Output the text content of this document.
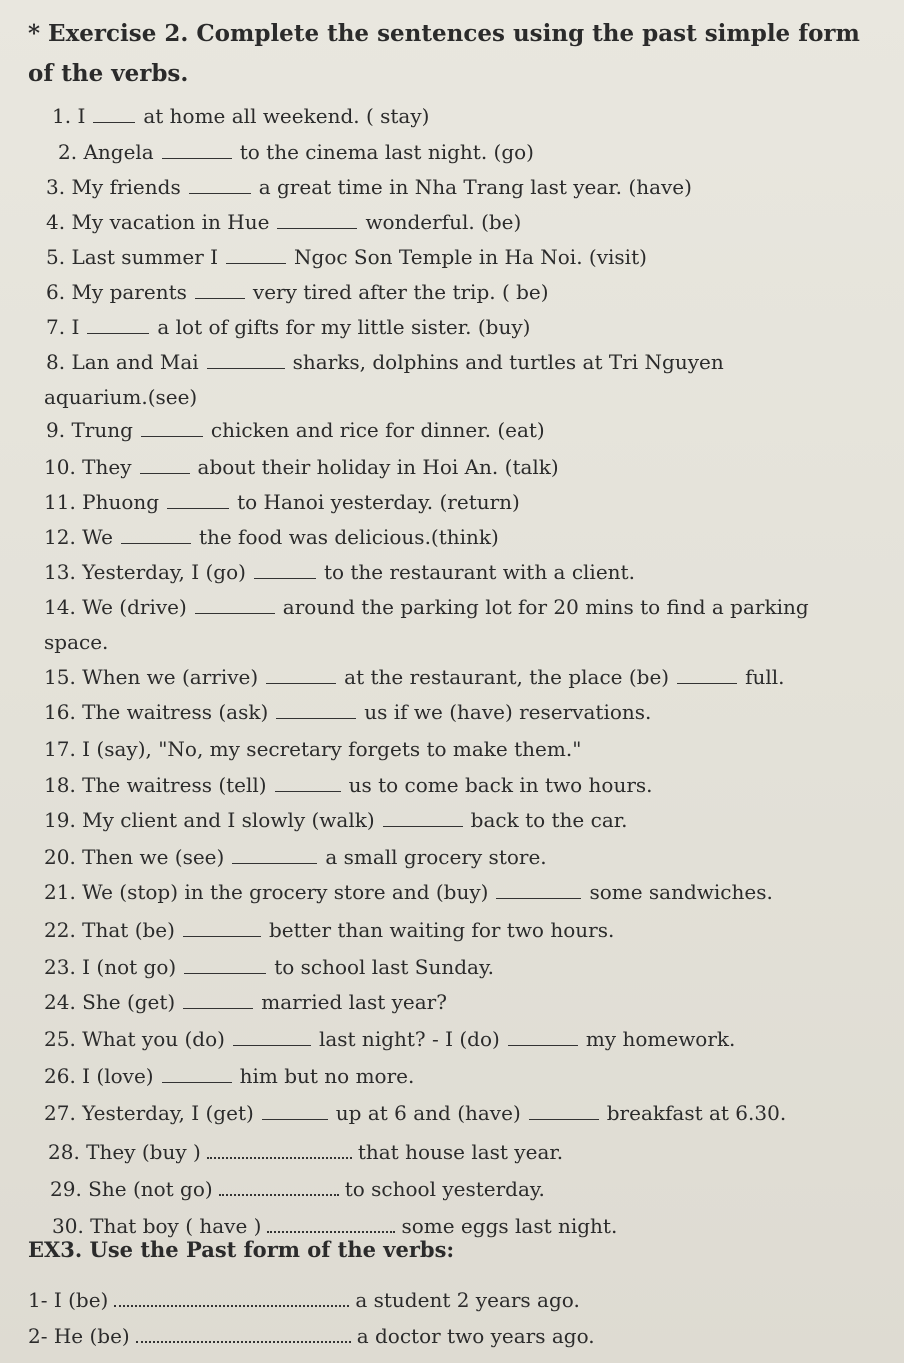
* Exercise 2. Complete the sentences using the past simple form of the verbs.

1. I	at home all weekend. ( stay)
2. Angela	to the cinema last night. (go)
3. My friends	a great time in Nha Trang last year. (have)
4. My vacation in Hue	wonderful. (be)
5. Last summer I	Ngoc Son Temple in Ha Noi. (visit)
6. My parents	very tired after the trip. ( be)
7. I	a lot of gifts for my little sister. (buy)
8. Lan and Mai	sharks, dolphins and turtles at Tri Nguyen
aquarium.(see)
9. Trung	chicken and rice for dinner. (eat)
10. They	about their holiday in Hoi An. (talk)
11. Phuong	to Hanoi yesterday. (return)
12. We	the food was delicious.(think)
13. Yesterday, I (go)	to the restaurant with a client.
14. We (drive)	around the parking lot for 20 mins to find a parking
space.
15. When we (arrive)	at the restaurant, the place (be)	full.
16. The waitress (ask)	us if we (have) reservations.
17. I (say), "No, my secretary forgets to make them."
18. The waitress (tell)	us to come back in two hours.
19. My client and I slowly (walk)	back to the car.
20. Then we (see)	a small grocery store.
21. We (stop) in the grocery store and (buy)	some sandwiches.
22. That (be)	better than waiting for two hours.
23. I (not go)	to school last Sunday.
24. She (get)	married last year?
25. What you (do)	last night? - I (do)	my homework.
26. I (love)	him but no more.
27. Yesterday, I (get)	up at 6 and (have)	breakfast at 6.30.
28. They (buy )	that house last year.
29. She (not go)	to school yesterday.
30. That boy ( have )	some eggs last night.

EX3. Use the Past form of the verbs:

1- I (be)	a student 2 years ago.
2- He (be)	a doctor two years ago.
